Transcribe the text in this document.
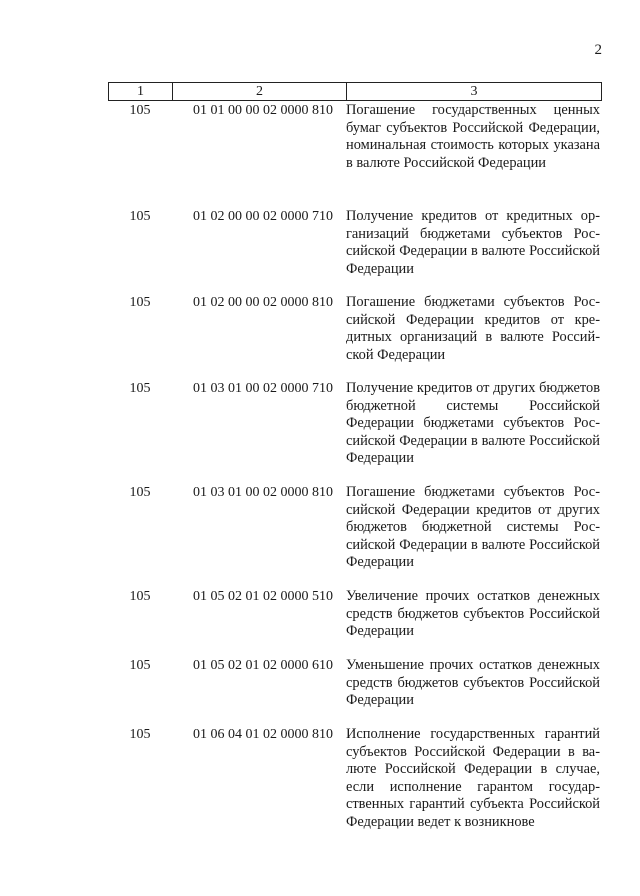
2
1	2	3
105	01 01 00 00 02 0000 810 Погашение государственных ценных бумаг субъектов Российской Федерации, номинальная стоимость которых указана в валюте Российской Федерации
105	01 02 00 00 02 0000 710 Получение кредитов от кредитных организаций бюджетами субъектов Российской Федерации в валюте Российской Федерации
105	01 02 00 00 02 0000 810 Погашение бюджетами субъектов Российской Федерации кредитов от кредитных организаций в валюте Российской Федерации
105	01 03 01 00 02 0000 710 Получение кредитов от других бюджетов бюджетной системы Российской Федерации бюджетами субъектов Российской Федерации в валюте Российской Федерации
105	01 03 01 00 02 0000 810 Погашение бюджетами субъектов Российской Федерации кредитов от других бюджетов бюджетной системы Российской Федерации в валюте Российской Федерации
105	01 05 02 01 02 0000 510 Увеличение прочих остатков денежных средств бюджетов субъектов Российской Федерации
105	01 05 02 01 02 0000 610 Уменьшение прочих остатков денежных средств бюджетов субъектов Российской Федерации
105	01 06 04 01 02 0000 810 Исполнение государственных гарантий субъектов Российской Федерации в валюте Российской Федерации в случае, если исполнение гарантом государственных гарантий субъекта Российской Федерации ведет к возникнове
